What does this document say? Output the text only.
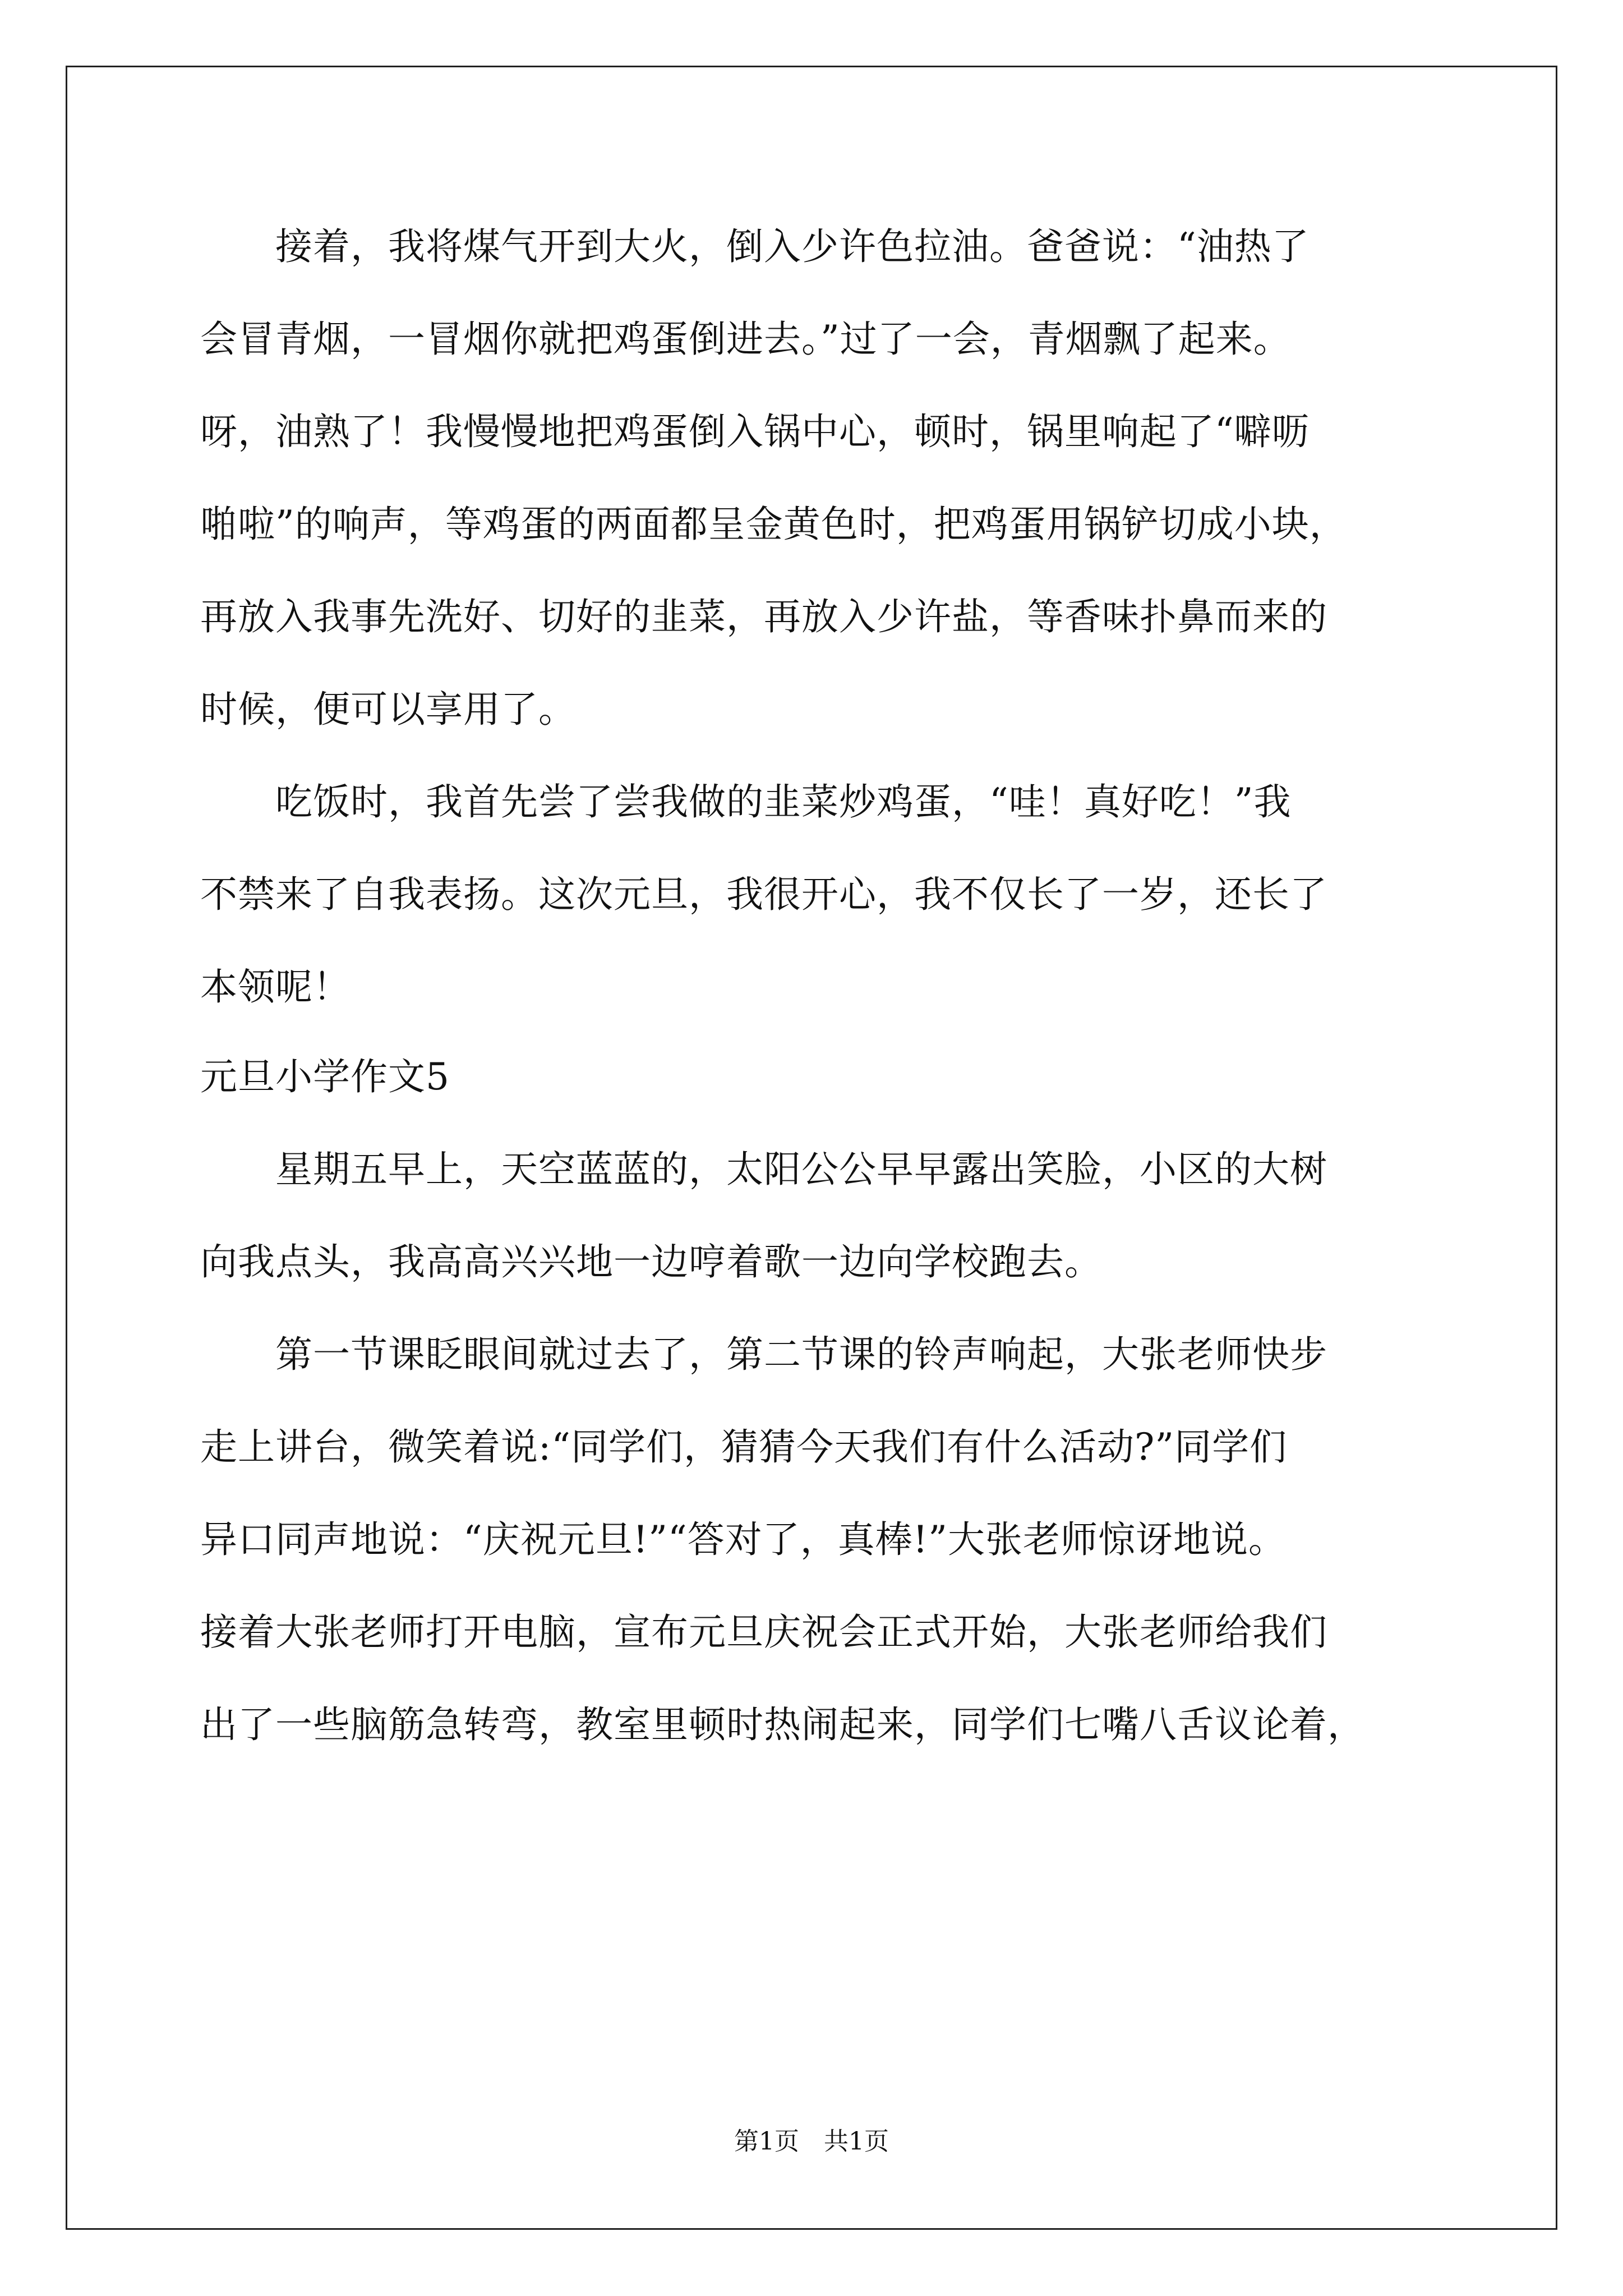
　　接着，我将煤气开到大火，倒入少许色拉油。爸爸说：“油热了
会冒青烟，一冒烟你就把鸡蛋倒进去。”过了一会，青烟飘了起来。
呀，油熟了！我慢慢地把鸡蛋倒入锅中心，顿时，锅里响起了“噼呖
啪啦”的响声，等鸡蛋的两面都呈金黄色时，把鸡蛋用锅铲切成小块，
再放入我事先洗好、切好的韭菜，再放入少许盐，等香味扑鼻而来的
时候，便可以享用了。
　　吃饭时，我首先尝了尝我做的韭菜炒鸡蛋，“哇！真好吃！”我
不禁来了自我表扬。这次元旦，我很开心，我不仅长了一岁，还长了
本领呢！
元旦小学作文5
　　星期五早上，天空蓝蓝的，太阳公公早早露出笑脸，小区的大树
向我点头，我高高兴兴地一边哼着歌一边向学校跑去。
　　第一节课眨眼间就过去了，第二节课的铃声响起，大张老师快步
走上讲台，微笑着说:“同学们，猜猜今天我们有什么活动?”同学们
异口同声地说：“庆祝元旦!”“答对了，真棒!”大张老师惊讶地说。
接着大张老师打开电脑，宣布元旦庆祝会正式开始，大张老师给我们
出了一些脑筋急转弯，教室里顿时热闹起来，同学们七嘴八舌议论着，
第1页　共1页
